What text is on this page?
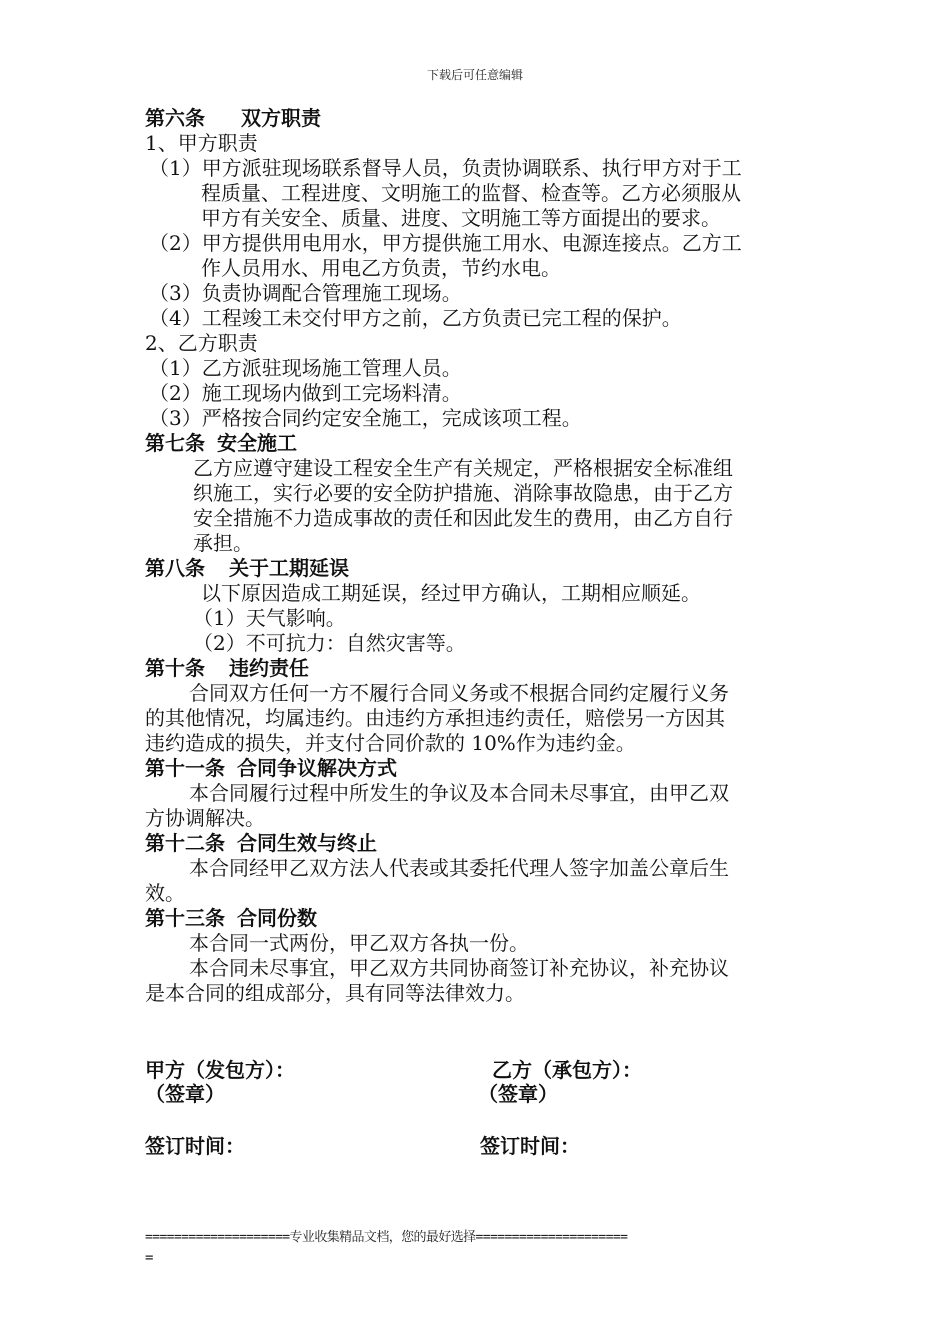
下载后可任意编辑
第六条 双方职责
1、甲方职责
（1）甲方派驻现场联系督导人员，负责协调联系、执行甲方对于工
程质量、工程进度、文明施工的监督、检查等。乙方必须服从
甲方有关安全、质量、进度、文明施工等方面提出的要求。
（2）甲方提供用电用水，甲方提供施工用水、电源连接点。乙方工
作人员用水、用电乙方负责，节约水电。
（3）负责协调配合管理施工现场。
（4）工程竣工未交付甲方之前，乙方负责已完工程的保护。
2、乙方职责
（1）乙方派驻现场施工管理人员。
（2）施工现场内做到工完场料清。
（3）严格按合同约定安全施工，完成该项工程。
第七条 安全施工
乙方应遵守建设工程安全生产有关规定，严格根据安全标准组
织施工，实行必要的安全防护措施、消除事故隐患，由于乙方
安全措施不力造成事故的责任和因此发生的费用，由乙方自行
承担。
第八条 关于工期延误
以下原因造成工期延误，经过甲方确认，工期相应顺延。
（1）天气影响。
（2）不可抗力：自然灾害等。
第十条 违约责任
合同双方任何一方不履行合同义务或不根据合同约定履行义务
的其他情况，均属违约。由违约方承担违约责任，赔偿另一方因其
违约造成的损失，并支付合同价款的 10%作为违约金。
第十一条 合同争议解决方式
本合同履行过程中所发生的争议及本合同未尽事宜，由甲乙双
方协调解决。
第十二条 合同生效与终止
本合同经甲乙双方法人代表或其委托代理人签字加盖公章后生
效。
第十三条 合同份数
本合同一式两份，甲乙双方各执一份。
本合同未尽事宜，甲乙双方共同协商签订补充协议，补充协议
是本合同的组成部分，具有同等法律效力。
甲方（发包方）：	乙方（承包方）：
（签章）	（签章）
签订时间：	签订时间：
====================专业收集精品文档，您的最好选择=====================
=
